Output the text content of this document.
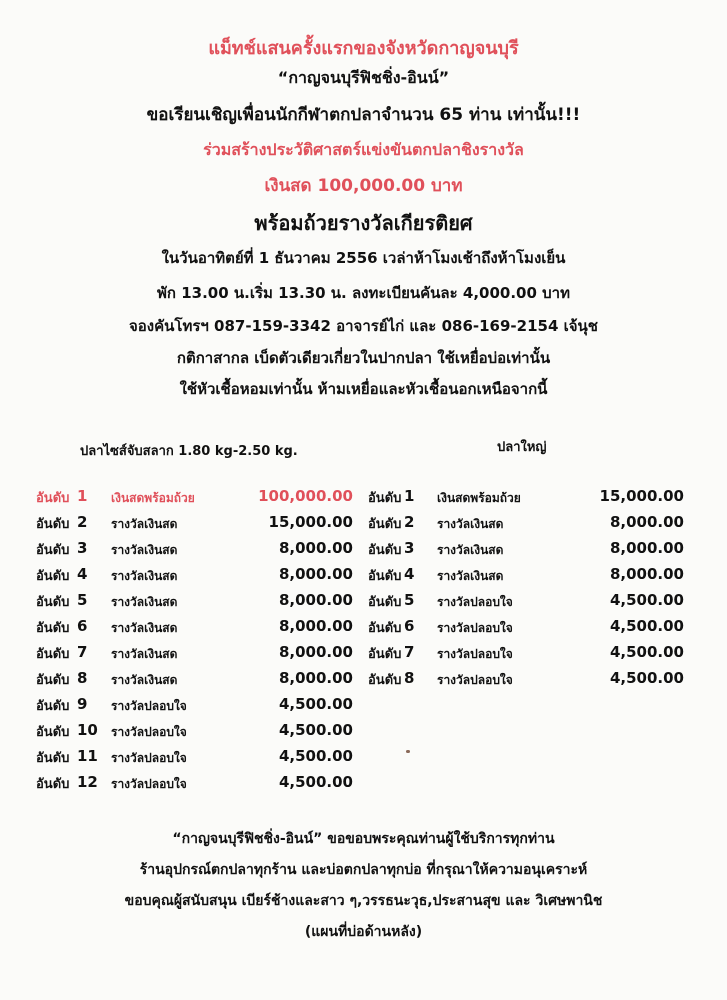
แม็ทช์แสนครั้งแรกของจังหวัดกาญจนบุรี
“กาญจนบุรีฟิชชิ่ง-อินน์”
ขอเรียนเชิญเพื่อนนักกีฬาตกปลาจำนวน 65 ท่าน เท่านั้น!!!
ร่วมสร้างประวัติศาสตร์แข่งขันตกปลาชิงรางวัล
เงินสด 100,000.00 บาท
พร้อมถ้วยรางวัลเกียรติยศ
ในวันอาทิตย์ที่ 1 ธันวาคม 2556 เวล่าห้าโมงเช้าถึงห้าโมงเย็น
พัก 13.00 น.เริ่ม 13.30 น. ลงทะเบียนคันละ 4,000.00 บาท
จองคันโทรฯ 087-159-3342 อาจารย์ไก่ และ 086-169-2154 เจ้นุช
กติกาสากล เบ็ดตัวเดียวเกี่ยวในปากปลา ใช้เหยื่อบ่อเท่านั้น
ใช้หัวเชื้อหอมเท่านั้น ห้ามเหยื่อและหัวเชื้อนอกเหนือจากนี้
ปลาไซส์จับสลาก 1.80 kg-2.50 kg.	ปลาใหญ่
อันดับ 1 เงินสดพร้อมถ้วย	100,000.00
อันดับ 2 รางวัลเงินสด	15,000.00
อันดับ 3 รางวัลเงินสด	8,000.00
อันดับ 4 รางวัลเงินสด	8,000.00
อันดับ 5 รางวัลเงินสด	8,000.00
อันดับ 6 รางวัลเงินสด	8,000.00
อันดับ 7 รางวัลเงินสด	8,000.00
อันดับ 8 รางวัลเงินสด	8,000.00
อันดับ 9 รางวัลปลอบใจ	4,500.00
อันดับ 10 รางวัลปลอบใจ	4,500.00
อันดับ 11 รางวัลปลอบใจ	4,500.00
อันดับ 12 รางวัลปลอบใจ	4,500.00
อันดับ 1 เงินสดพร้อมถ้วย	15,000.00
อันดับ 2 รางวัลเงินสด	8,000.00
อันดับ 3 รางวัลเงินสด	8,000.00
อันดับ 4 รางวัลเงินสด	8,000.00
อันดับ 5 รางวัลปลอบใจ	4,500.00
อันดับ 6 รางวัลปลอบใจ	4,500.00
อันดับ 7 รางวัลปลอบใจ	4,500.00
อันดับ 8 รางวัลปลอบใจ	4,500.00
“กาญจนบุรีฟิชชิ่ง-อินน์” ขอขอบพระคุณท่านผู้ใช้บริการทุกท่าน
ร้านอุปกรณ์ตกปลาทุกร้าน และบ่อตกปลาทุกบ่อ ที่กรุณาให้ความอนุเคราะห์
ขอบคุณผู้สนับสนุน เบียร์ช้างและสาว ๆ,วรรธนะวุธ,ประสานสุข และ วิเศษพานิช
(แผนที่บ่อด้านหลัง)
